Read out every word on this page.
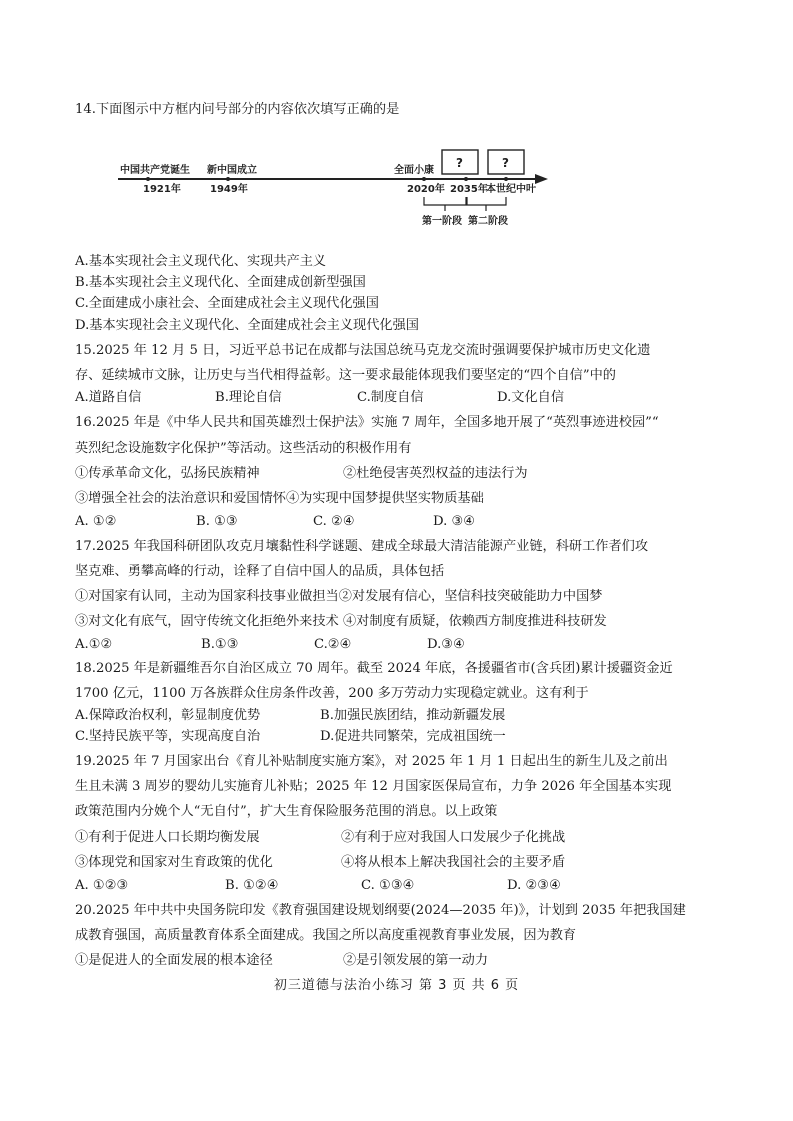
14.下面图示中方框内问号部分的内容依次填写正确的是
中国共产党诞生 新中国成立	全面小康
1921年	1949年	2020年 2035年
本世纪中叶
?	?
第一阶段 第二阶段
A.基本实现社会主义现代化、实现共产主义
B.基本实现社会主义现代化、全面建成创新型强国
C.全面建成小康社会、全面建成社会主义现代化强国
D.基本实现社会主义现代化、全面建成社会主义现代化强国
15.2025 年 12 月 5 日，习近平总书记在成都与法国总统马克龙交流时强调要保护城市历史文化遗
存、延续城市文脉，让历史与当代相得益彰。这一要求最能体现我们要坚定的“四个自信”中的
A.道路自信	B.理论自信	C.制度自信	D.文化自信
16.2025 年是《中华人民共和国英雄烈士保护法》实施 7 周年，全国多地开展了“英烈事迹进校园”“
英烈纪念设施数字化保护”等活动。这些活动的积极作用有
①传承革命文化，弘扬民族精神	②杜绝侵害英烈权益的违法行为
③增强全社会的法治意识和爱国情怀④为实现中国梦提供坚实物质基础
A. ①②	B. ①③	C. ②④	D. ③④
17.2025 年我国科研团队攻克月壤黏性科学谜题、建成全球最大清洁能源产业链，科研工作者们攻
坚克难、勇攀高峰的行动，诠释了自信中国人的品质，具体包括
①对国家有认同，主动为国家科技事业做担当②对发展有信心，坚信科技突破能助力中国梦
③对文化有底气，固守传统文化拒绝外来技术 ④对制度有质疑，依赖西方制度推进科技研发
A.①②	B.①③	C.②④	D.③④
18.2025 年是新疆维吾尔自治区成立 70 周年。截至 2024 年底，各援疆省市(含兵团)累计援疆资金近
1700 亿元，1100 万各族群众住房条件改善，200 多万劳动力实现稳定就业。这有利于
A.保障政治权利，彰显制度优势	B.加强民族团结，推动新疆发展
C.坚持民族平等，实现高度自治	D.促进共同繁荣，完成祖国统一
19.2025 年 7 月国家出台《育儿补贴制度实施方案》，对 2025 年 1 月 1 日起出生的新生儿及之前出
生且未满 3 周岁的婴幼儿实施育儿补贴；2025 年 12 月国家医保局宣布，力争 2026 年全国基本实现
政策范围内分娩个人“无自付”，扩大生育保险服务范围的消息。以上政策
①有利于促进人口长期均衡发展	②有利于应对我国人口发展少子化挑战
③体现党和国家对生育政策的优化	④将从根本上解决我国社会的主要矛盾
A. ①②③	B. ①②④	C. ①③④	D. ②③④
20.2025 年中共中央国务院印发《教育强国建设规划纲要(2024—2035 年)》，计划到 2035 年把我国建
成教育强国，高质量教育体系全面建成。我国之所以高度重视教育事业发展，因为教育
①是促进人的全面发展的根本途径	②是引领发展的第一动力
初三道德与法治小练习 第 3 页 共 6 页
